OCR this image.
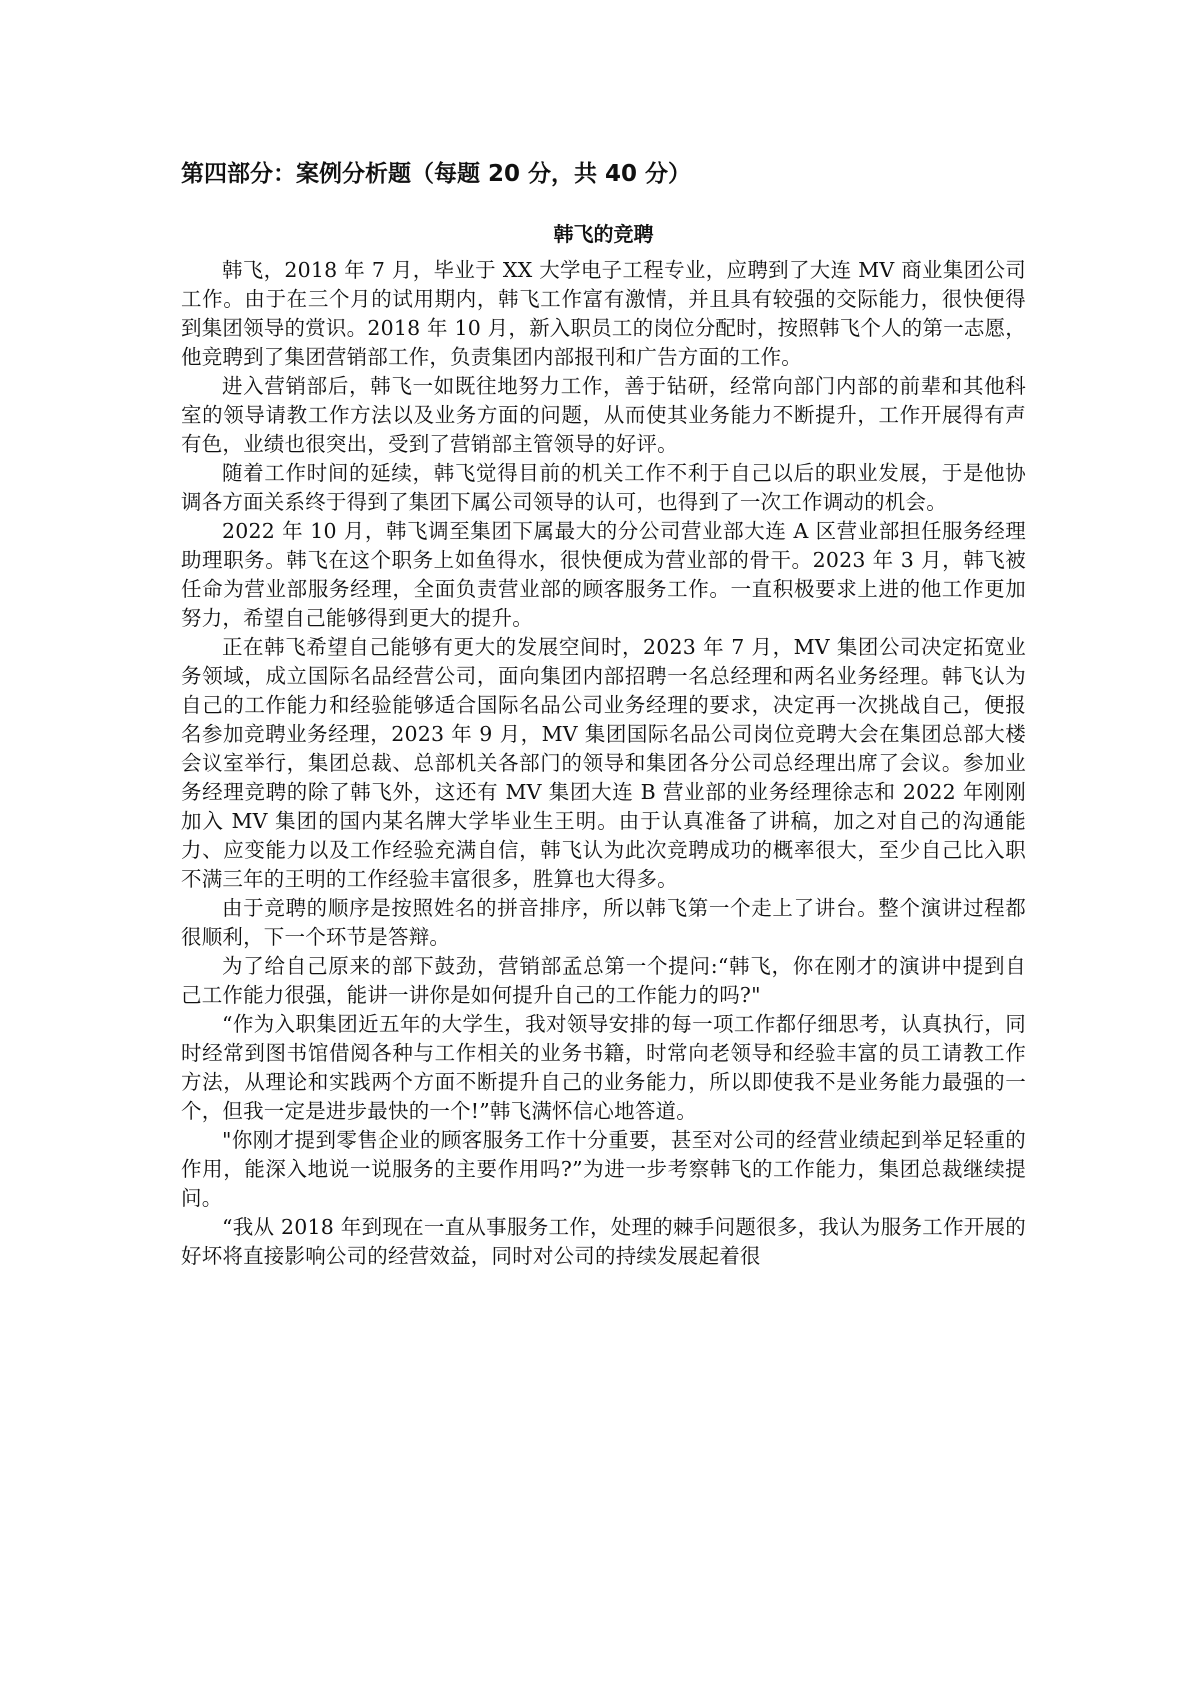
第四部分：案例分析题（每题 20 分，共 40 分）
韩飞的竞聘

韩飞，2018 年 7 月，毕业于 XX 大学电子工程专业，应聘到了大连 MV 商业集团公司工作。由于在三个月的试用期内，韩飞工作富有激情，并且具有较强的交际能力，很快便得到集团领导的赏识。2018 年 10 月，新入职员工的岗位分配时，按照韩飞个人的第一志愿，他竞聘到了集团营销部工作，负责集团内部报刊和广告方面的工作。

进入营销部后，韩飞一如既往地努力工作，善于钻研，经常向部门内部的前辈和其他科室的领导请教工作方法以及业务方面的问题，从而使其业务能力不断提升，工作开展得有声有色，业绩也很突出，受到了营销部主管领导的好评。

随着工作时间的延续，韩飞觉得目前的机关工作不利于自己以后的职业发展，于是他协调各方面关系终于得到了集团下属公司领导的认可，也得到了一次工作调动的机会。

2022 年 10 月，韩飞调至集团下属最大的分公司营业部大连 A 区营业部担任服务经理助理职务。韩飞在这个职务上如鱼得水，很快便成为营业部的骨干。2023 年 3 月，韩飞被任命为营业部服务经理，全面负责营业部的顾客服务工作。一直积极要求上进的他工作更加努力，希望自己能够得到更大的提升。

正在韩飞希望自己能够有更大的发展空间时，2023 年 7 月，MV 集团公司决定拓宽业务领域，成立国际名品经营公司，面向集团内部招聘一名总经理和两名业务经理。韩飞认为自己的工作能力和经验能够适合国际名品公司业务经理的要求，决定再一次挑战自己，便报名参加竞聘业务经理，2023 年 9 月，MV 集团国际名品公司岗位竞聘大会在集团总部大楼会议室举行，集团总裁、总部机关各部门的领导和集团各分公司总经理出席了会议。参加业务经理竞聘的除了韩飞外，这还有 MV 集团大连 B 营业部的业务经理徐志和 2022 年刚刚加入 MV 集团的国内某名牌大学毕业生王明。由于认真准备了讲稿，加之对自己的沟通能力、应变能力以及工作经验充满自信，韩飞认为此次竞聘成功的概率很大，至少自己比入职不满三年的王明的工作经验丰富很多，胜算也大得多。

由于竞聘的顺序是按照姓名的拼音排序，所以韩飞第一个走上了讲台。整个演讲过程都很顺利，下一个环节是答辩。

为了给自己原来的部下鼓劲，营销部孟总第一个提问:“韩飞，你在刚才的演讲中提到自己工作能力很强，能讲一讲你是如何提升自己的工作能力的吗?"

“作为入职集团近五年的大学生，我对领导安排的每一项工作都仔细思考，认真执行，同时经常到图书馆借阅各种与工作相关的业务书籍，时常向老领导和经验丰富的员工请教工作方法，从理论和实践两个方面不断提升自己的业务能力，所以即使我不是业务能力最强的一个，但我一定是进步最快的一个!”韩飞满怀信心地答道。

"你刚才提到零售企业的顾客服务工作十分重要，甚至对公司的经营业绩起到举足轻重的作用，能深入地说一说服务的主要作用吗?”为进一步考察韩飞的工作能力，集团总裁继续提问。

“我从 2018 年到现在一直从事服务工作，处理的棘手问题很多，我认为服务工作开展的好坏将直接影响公司的经营效益，同时对公司的持续发展起着很
